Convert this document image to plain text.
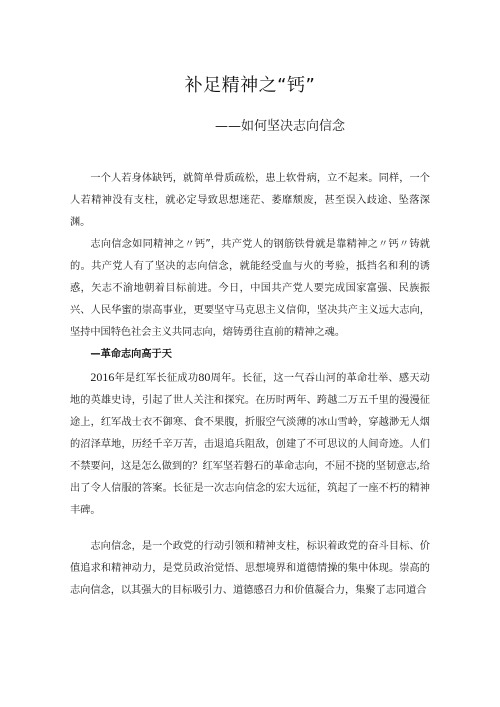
补足精神之“钙”

——如何坚决志向信念

一个人若身体缺钙，就简单骨质疏松，患上软骨病，立不起来。同样，一个人若精神没有支柱，就必定导致思想迷茫、萎靡颓废，甚至误入歧途、坠落深渊。

志向信念如同精神之〃钙”，共产党人的钢筋铁骨就是靠精神之〃钙〃铸就的。共产党人有了坚决的志向信念，就能经受血与火的考验，抵挡名和利的诱惑，矢志不渝地朝着目标前进。今日，中国共产党人要完成国家富强、民族振兴、人民华蜜的崇高事业，更要坚守马克思主义信仰，坚决共产主义远大志向，坚持中国特色社会主义共同志向，熔铸勇往直前的精神之魂。

—革命志向高于天

2016年是红军长征成功80周年。长征，这一气吞山河的革命壮举、感天动地的英雄史诗，引起了世人关注和探究。在历时两年、跨越二万五千里的漫漫征途上，红军战士衣不御寒、食不果腹，折服空气淡薄的冰山雪岭，穿越渺无人烟的沼泽草地，历经千辛万苦，击退追兵阻敌，创建了不可思议的人间奇迹。人们不禁要问，这是怎么做到的？红军坚若磐石的革命志向，不屈不挠的坚韧意志,给出了令人信服的答案。长征是一次志向信念的宏大远征，筑起了一座不朽的精神丰碑。

志向信念，是一个政党的行动引领和精神支柱，标识着政党的奋斗目标、价值追求和精神动力，是党员政治觉悟、思想境界和道德情操的集中体现。崇高的志向信念，以其强大的目标吸引力、道德感召力和价值凝合力，集聚了志同道合
